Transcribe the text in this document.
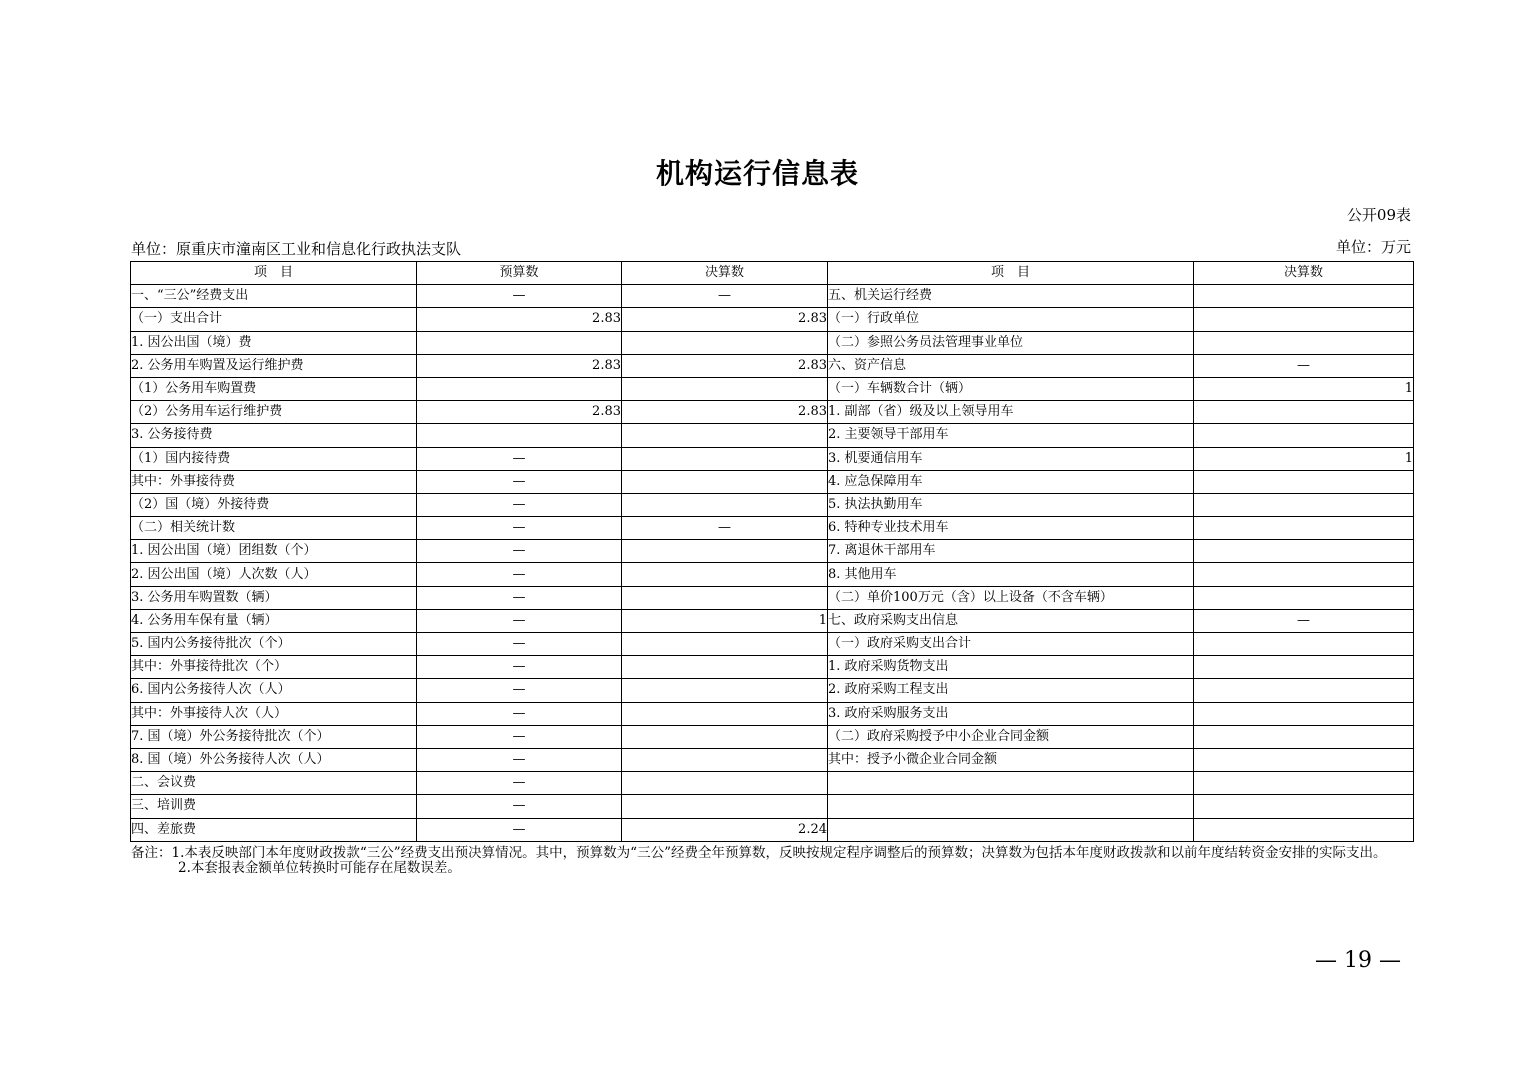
机构运行信息表
公开09表
单位：原重庆市潼南区工业和信息化行政执法支队	单位：万元
项　目	预算数	决算数	项　目	决算数
一、“三公”经费支出	—	—	五、机关运行经费	
（一）支出合计	2.83	2.83	（一）行政单位	
1. 因公出国（境）费			（二）参照公务员法管理事业单位	
2. 公务用车购置及运行维护费	2.83	2.83	六、资产信息	—
（1）公务用车购置费			（一）车辆数合计（辆）	1
（2）公务用车运行维护费	2.83	2.83	1. 副部（省）级及以上领导用车	
3. 公务接待费			2. 主要领导干部用车	
（1）国内接待费	—		3. 机要通信用车	1
其中：外事接待费	—		4. 应急保障用车	
（2）国（境）外接待费	—		5. 执法执勤用车	
（二）相关统计数	—	—	6. 特种专业技术用车	
1. 因公出国（境）团组数（个）	—		7. 离退休干部用车	
2. 因公出国（境）人次数（人）	—		8. 其他用车	
3. 公务用车购置数（辆）	—		（二）单价100万元（含）以上设备（不含车辆）	
4. 公务用车保有量（辆）	—	1	七、政府采购支出信息	—
5. 国内公务接待批次（个）	—		（一）政府采购支出合计	
其中：外事接待批次（个）	—		1. 政府采购货物支出	
6. 国内公务接待人次（人）	—		2. 政府采购工程支出	
其中：外事接待人次（人）	—		3. 政府采购服务支出	
7. 国（境）外公务接待批次（个）	—		（二）政府采购授予中小企业合同金额	
8. 国（境）外公务接待人次（人）	—		其中：授予小微企业合同金额	
二、会议费	—			
三、培训费	—			
四、差旅费	—	2.24		
备注：1.本表反映部门本年度财政拨款“三公”经费支出预决算情况。其中，预算数为“三公”经费全年预算数，反映按规定程序调整后的预算数；决算数为包括本年度财政拨款和以前年度结转资金安排的实际支出。
2.本套报表金额单位转换时可能存在尾数误差。
— 19 —
